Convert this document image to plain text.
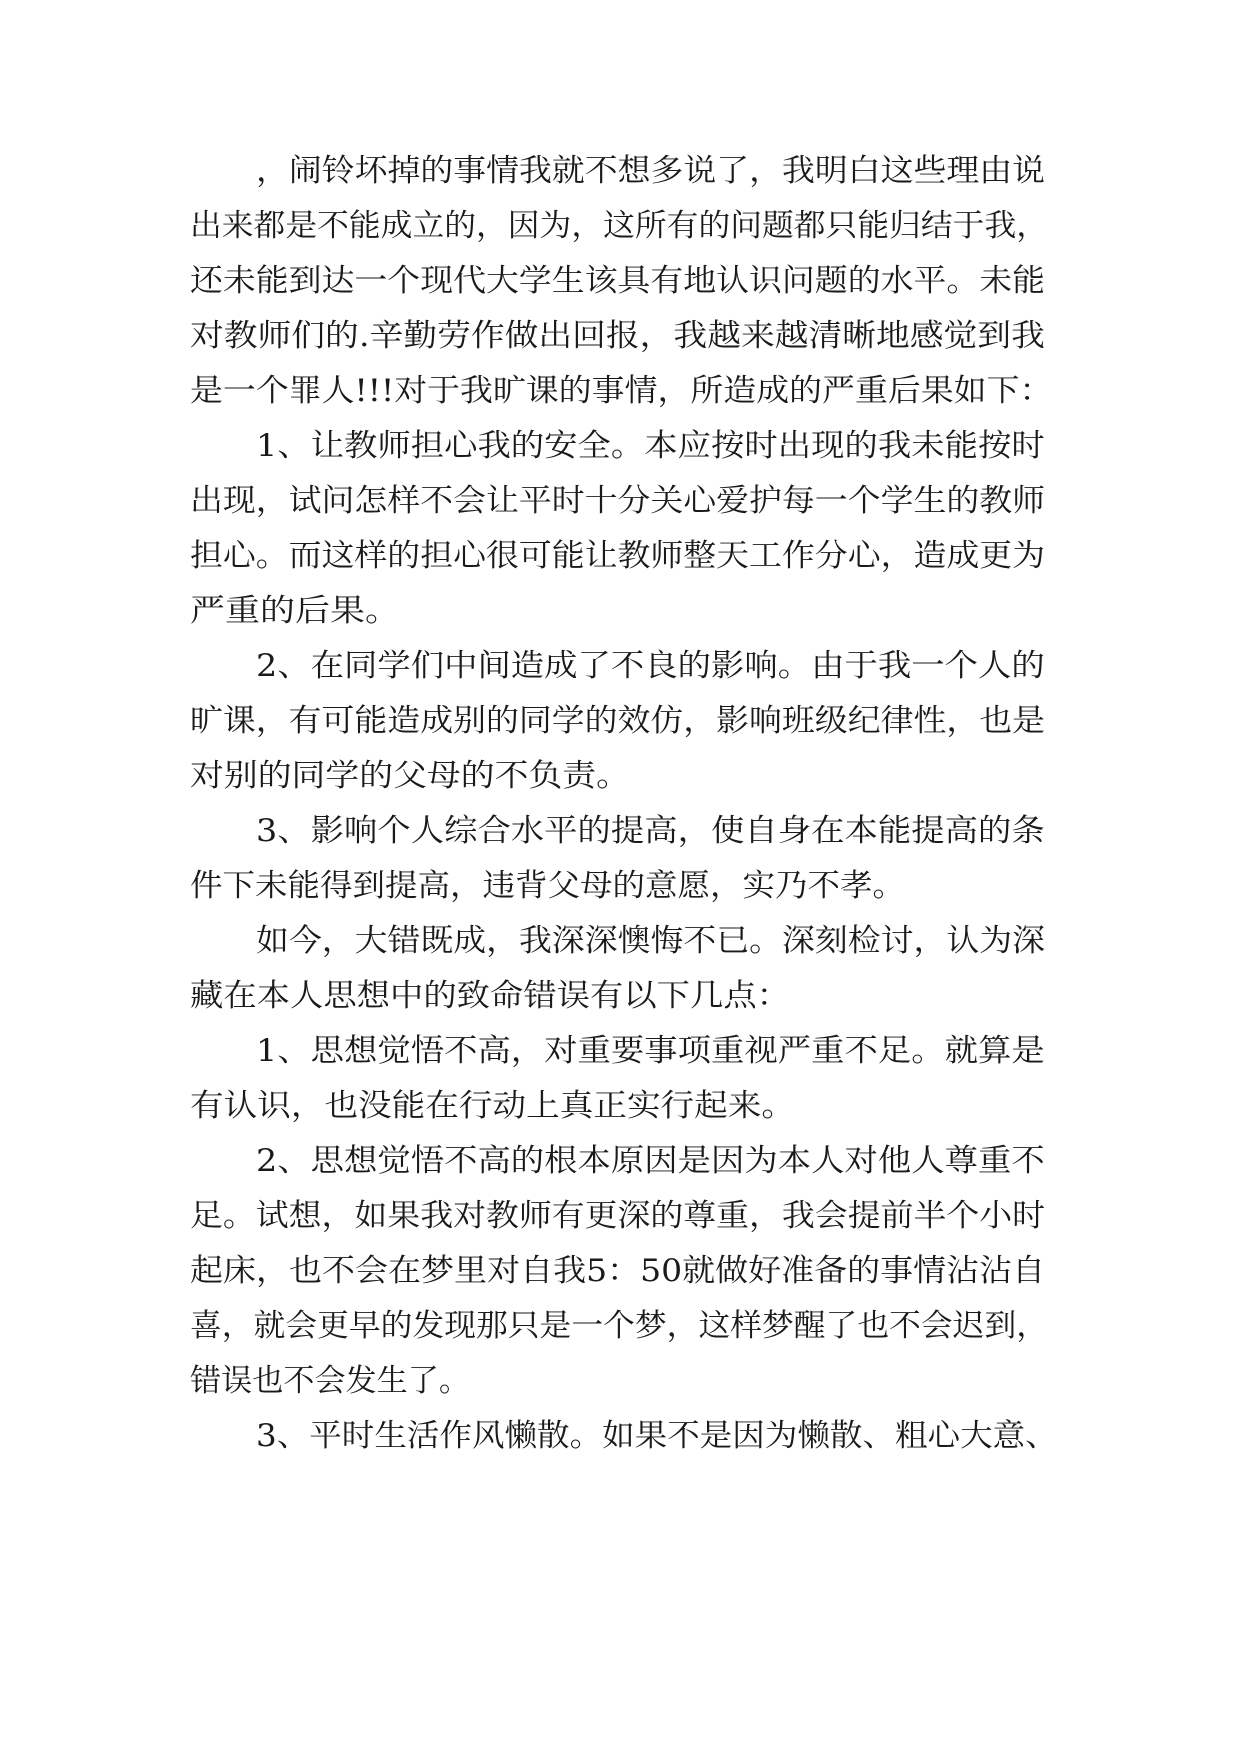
，闹铃坏掉的事情我就不想多说了，我明白这些理由说

出来都是不能成立的，因为，这所有的问题都只能归结于我，

还未能到达一个现代大学生该具有地认识问题的水平。未能

对教师们的.辛勤劳作做出回报，我越来越清晰地感觉到我

是一个罪人!!!对于我旷课的事情，所造成的严重后果如下：

1、让教师担心我的安全。本应按时出现的我未能按时

出现，试问怎样不会让平时十分关心爱护每一个学生的教师

担心。而这样的担心很可能让教师整天工作分心，造成更为

严重的后果。

2、在同学们中间造成了不良的影响。由于我一个人的

旷课，有可能造成别的同学的效仿，影响班级纪律性，也是

对别的同学的父母的不负责。

3、影响个人综合水平的提高，使自身在本能提高的条

件下未能得到提高，违背父母的意愿，实乃不孝。

如今，大错既成，我深深懊悔不已。深刻检讨，认为深

藏在本人思想中的致命错误有以下几点：

1、思想觉悟不高，对重要事项重视严重不足。就算是

有认识，也没能在行动上真正实行起来。

2、思想觉悟不高的根本原因是因为本人对他人尊重不

足。试想，如果我对教师有更深的尊重，我会提前半个小时

起床，也不会在梦里对自我5：50就做好准备的事情沾沾自

喜，就会更早的发现那只是一个梦，这样梦醒了也不会迟到，

错误也不会发生了。

3、平时生活作风懒散。如果不是因为懒散、粗心大意、
